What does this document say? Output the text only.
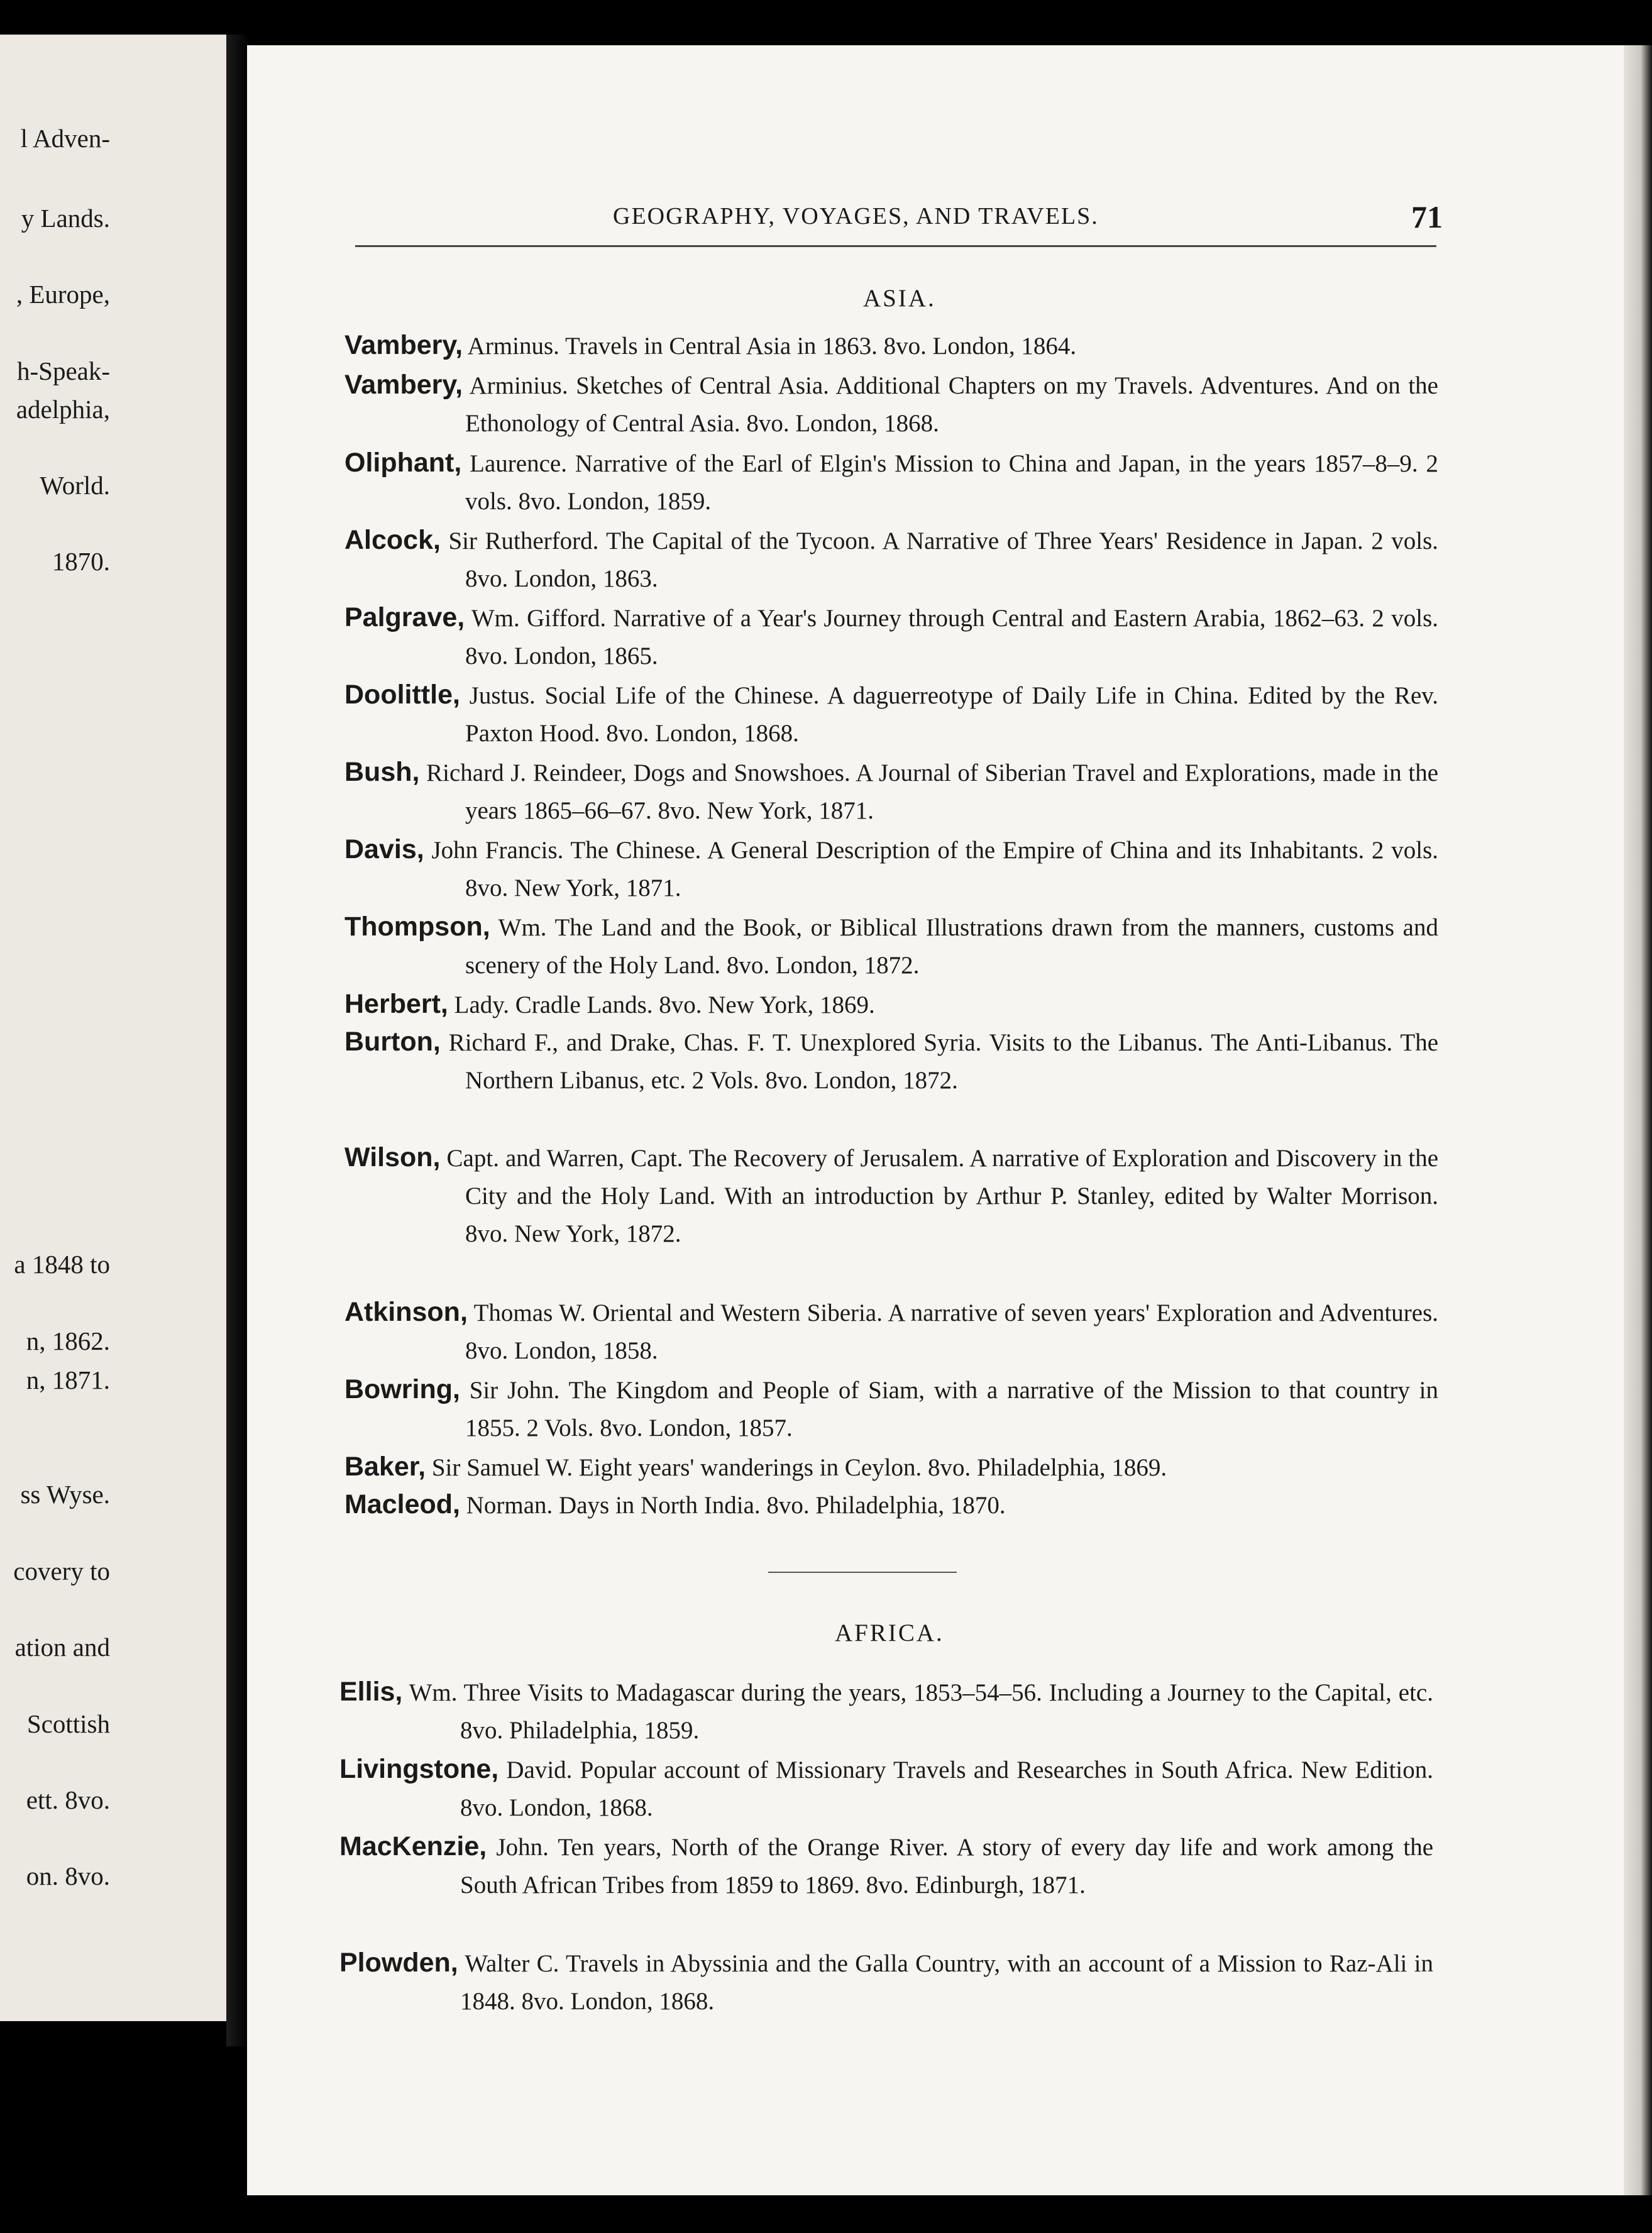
l Adven-
y Lands.
, Europe,
h-Speak-
adelphia,
World.
1870.
a 1848 to
n, 1862.
n, 1871.
ss Wyse.
covery to
ation and
Scottish
ett. 8vo.
on. 8vo.
GEOGRAPHY, VOYAGES, AND TRAVELS.	71
ASIA.
Vambery, Arminus. Travels in Central Asia in 1863. 8vo. London, 1864.
Vambery, Arminius. Sketches of Central Asia. Additional Chapters on my Travels. Adventures. And on the Ethonology of Central Asia. 8vo. London, 1868.
Oliphant, Laurence. Narrative of the Earl of Elgin's Mission to China and Japan, in the years 1857–8–9. 2 vols. 8vo. London, 1859.
Alcock, Sir Rutherford. The Capital of the Tycoon. A Narrative of Three Years' Residence in Japan. 2 vols. 8vo. London, 1863.
Palgrave, Wm. Gifford. Narrative of a Year's Journey through Central and Eastern Arabia, 1862–63. 2 vols. 8vo. London, 1865.
Doolittle, Justus. Social Life of the Chinese. A daguerreotype of Daily Life in China. Edited by the Rev. Paxton Hood. 8vo. London, 1868.
Bush, Richard J. Reindeer, Dogs and Snowshoes. A Journal of Siberian Travel and Explorations, made in the years 1865–66–67. 8vo. New York, 1871.
Davis, John Francis. The Chinese. A General Description of the Empire of China and its Inhabitants. 2 vols. 8vo. New York, 1871.
Thompson, Wm. The Land and the Book, or Biblical Illustrations drawn from the manners, customs and scenery of the Holy Land. 8vo. London, 1872.
Herbert, Lady. Cradle Lands. 8vo. New York, 1869.
Burton, Richard F., and Drake, Chas. F. T. Unexplored Syria. Visits to the Libanus. The Anti-Libanus. The Northern Libanus, etc. 2 Vols. 8vo. London, 1872.
Wilson, Capt. and Warren, Capt. The Recovery of Jerusalem. A narrative of Exploration and Discovery in the City and the Holy Land. With an introduction by Arthur P. Stanley, edited by Walter Morrison. 8vo. New York, 1872.
Atkinson, Thomas W. Oriental and Western Siberia. A narrative of seven years' Exploration and Adventures. 8vo. London, 1858.
Bowring, Sir John. The Kingdom and People of Siam, with a narrative of the Mission to that country in 1855. 2 Vols. 8vo. London, 1857.
Baker, Sir Samuel W. Eight years' wanderings in Ceylon. 8vo. Philadelphia, 1869.
Macleod, Norman. Days in North India. 8vo. Philadelphia, 1870.
AFRICA.
Ellis, Wm. Three Visits to Madagascar during the years, 1853–54–56. Including a Journey to the Capital, etc. 8vo. Philadelphia, 1859.
Livingstone, David. Popular account of Missionary Travels and Researches in South Africa. New Edition. 8vo. London, 1868.
MacKenzie, John. Ten years, North of the Orange River. A story of every day life and work among the South African Tribes from 1859 to 1869. 8vo. Edinburgh, 1871.
Plowden, Walter C. Travels in Abyssinia and the Galla Country, with an account of a Mission to Raz-Ali in 1848. 8vo. London, 1868.
